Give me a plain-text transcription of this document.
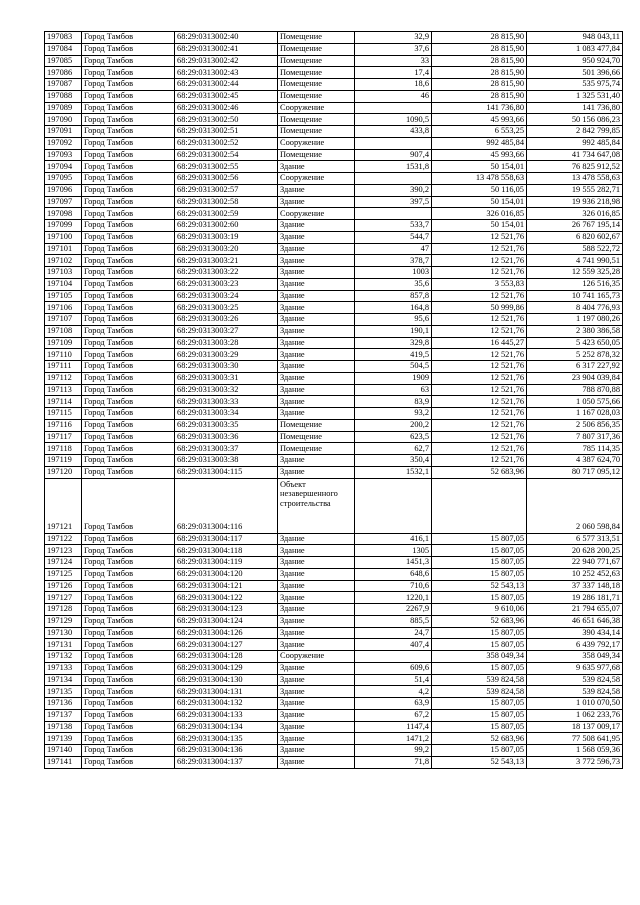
197083	Город Тамбов	68:29:0313002:40	Помещение	32,9	28 815,90	948 043,11
197084	Город Тамбов	68:29:0313002:41	Помещение	37,6	28 815,90	1 083 477,84
197085	Город Тамбов	68:29:0313002:42	Помещение	33	28 815,90	950 924,70
197086	Город Тамбов	68:29:0313002:43	Помещение	17,4	28 815,90	501 396,66
197087	Город Тамбов	68:29:0313002:44	Помещение	18,6	28 815,90	535 975,74
197088	Город Тамбов	68:29:0313002:45	Помещение	46	28 815,90	1 325 531,40
197089	Город Тамбов	68:29:0313002:46	Сооружение		141 736,80	141 736,80
197090	Город Тамбов	68:29:0313002:50	Помещение	1090,5	45 993,66	50 156 086,23
197091	Город Тамбов	68:29:0313002:51	Помещение	433,8	6 553,25	2 842 799,85
197092	Город Тамбов	68:29:0313002:52	Сооружение		992 485,84	992 485,84
197093	Город Тамбов	68:29:0313002:54	Помещение	907,4	45 993,66	41 734 647,08
197094	Город Тамбов	68:29:0313002:55	Здание	1531,8	50 154,01	76 825 912,52
197095	Город Тамбов	68:29:0313002:56	Сооружение		13 478 558,63	13 478 558,63
197096	Город Тамбов	68:29:0313002:57	Здание	390,2	50 116,05	19 555 282,71
197097	Город Тамбов	68:29:0313002:58	Здание	397,5	50 154,01	19 936 218,98
197098	Город Тамбов	68:29:0313002:59	Сооружение		326 016,85	326 016,85
197099	Город Тамбов	68:29:0313002:60	Здание	533,7	50 154,01	26 767 195,14
197100	Город Тамбов	68:29:0313003:19	Здание	544,7	12 521,76	6 820 602,67
197101	Город Тамбов	68:29:0313003:20	Здание	47	12 521,76	588 522,72
197102	Город Тамбов	68:29:0313003:21	Здание	378,7	12 521,76	4 741 990,51
197103	Город Тамбов	68:29:0313003:22	Здание	1003	12 521,76	12 559 325,28
197104	Город Тамбов	68:29:0313003:23	Здание	35,6	3 553,83	126 516,35
197105	Город Тамбов	68:29:0313003:24	Здание	857,8	12 521,76	10 741 165,73
197106	Город Тамбов	68:29:0313003:25	Здание	164,8	50 999,86	8 404 776,93
197107	Город Тамбов	68:29:0313003:26	Здание	95,6	12 521,76	1 197 080,26
197108	Город Тамбов	68:29:0313003:27	Здание	190,1	12 521,76	2 380 386,58
197109	Город Тамбов	68:29:0313003:28	Здание	329,8	16 445,27	5 423 650,05
197110	Город Тамбов	68:29:0313003:29	Здание	419,5	12 521,76	5 252 878,32
197111	Город Тамбов	68:29:0313003:30	Здание	504,5	12 521,76	6 317 227,92
197112	Город Тамбов	68:29:0313003:31	Здание	1909	12 521,76	23 904 039,84
197113	Город Тамбов	68:29:0313003:32	Здание	63	12 521,76	788 870,88
197114	Город Тамбов	68:29:0313003:33	Здание	83,9	12 521,76	1 050 575,66
197115	Город Тамбов	68:29:0313003:34	Здание	93,2	12 521,76	1 167 028,03
197116	Город Тамбов	68:29:0313003:35	Помещение	200,2	12 521,76	2 506 856,35
197117	Город Тамбов	68:29:0313003:36	Помещение	623,5	12 521,76	7 807 317,36
197118	Город Тамбов	68:29:0313003:37	Помещение	62,7	12 521,76	785 114,35
197119	Город Тамбов	68:29:0313003:38	Здание	350,4	12 521,76	4 387 624,70
197120	Город Тамбов	68:29:0313004:115	Здание	1532,1	52 683,96	80 717 095,12
197121	Город Тамбов	68:29:0313004:116	Объект незавершенного строительства			2 060 598,84
197122	Город Тамбов	68:29:0313004:117	Здание	416,1	15 807,05	6 577 313,51
197123	Город Тамбов	68:29:0313004:118	Здание	1305	15 807,05	20 628 200,25
197124	Город Тамбов	68:29:0313004:119	Здание	1451,3	15 807,05	22 940 771,67
197125	Город Тамбов	68:29:0313004:120	Здание	648,6	15 807,05	10 252 452,63
197126	Город Тамбов	68:29:0313004:121	Здание	710,6	52 543,13	37 337 148,18
197127	Город Тамбов	68:29:0313004:122	Здание	1220,1	15 807,05	19 286 181,71
197128	Город Тамбов	68:29:0313004:123	Здание	2267,9	9 610,06	21 794 655,07
197129	Город Тамбов	68:29:0313004:124	Здание	885,5	52 683,96	46 651 646,38
197130	Город Тамбов	68:29:0313004:126	Здание	24,7	15 807,05	390 434,14
197131	Город Тамбов	68:29:0313004:127	Здание	407,4	15 807,05	6 439 792,17
197132	Город Тамбов	68:29:0313004:128	Сооружение		358 049,34	358 049,34
197133	Город Тамбов	68:29:0313004:129	Здание	609,6	15 807,05	9 635 977,68
197134	Город Тамбов	68:29:0313004:130	Здание	51,4	539 824,58	539 824,58
197135	Город Тамбов	68:29:0313004:131	Здание	4,2	539 824,58	539 824,58
197136	Город Тамбов	68:29:0313004:132	Здание	63,9	15 807,05	1 010 070,50
197137	Город Тамбов	68:29:0313004:133	Здание	67,2	15 807,05	1 062 233,76
197138	Город Тамбов	68:29:0313004:134	Здание	1147,4	15 807,05	18 137 009,17
197139	Город Тамбов	68:29:0313004:135	Здание	1471,2	52 683,96	77 508 641,95
197140	Город Тамбов	68:29:0313004:136	Здание	99,2	15 807,05	1 568 059,36
197141	Город Тамбов	68:29:0313004:137	Здание	71,8	52 543,13	3 772 596,73
